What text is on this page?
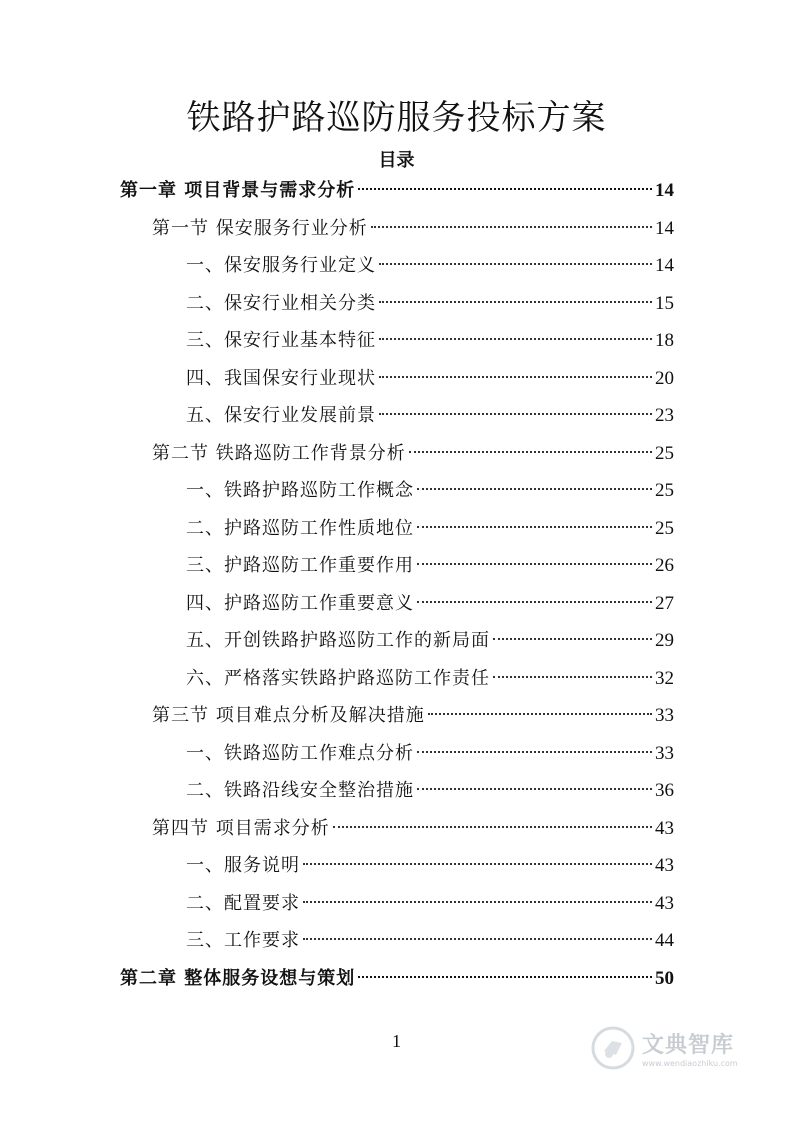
铁路护路巡防服务投标方案
目录
第一章 项目背景与需求分析	14
第一节 保安服务行业分析	14
一、保安服务行业定义	14
二、保安行业相关分类	15
三、保安行业基本特征	18
四、我国保安行业现状	20
五、保安行业发展前景	23
第二节 铁路巡防工作背景分析	25
一、铁路护路巡防工作概念	25
二、护路巡防工作性质地位	25
三、护路巡防工作重要作用	26
四、护路巡防工作重要意义	27
五、开创铁路护路巡防工作的新局面	29
六、严格落实铁路护路巡防工作责任	32
第三节 项目难点分析及解决措施	33
一、铁路巡防工作难点分析	33
二、铁路沿线安全整治措施	36
第四节 项目需求分析	43
一、服务说明	43
二、配置要求	43
三、工作要求	44
第二章 整体服务设想与策划	50
1	文典智库
www.wendiaozhiku.com
